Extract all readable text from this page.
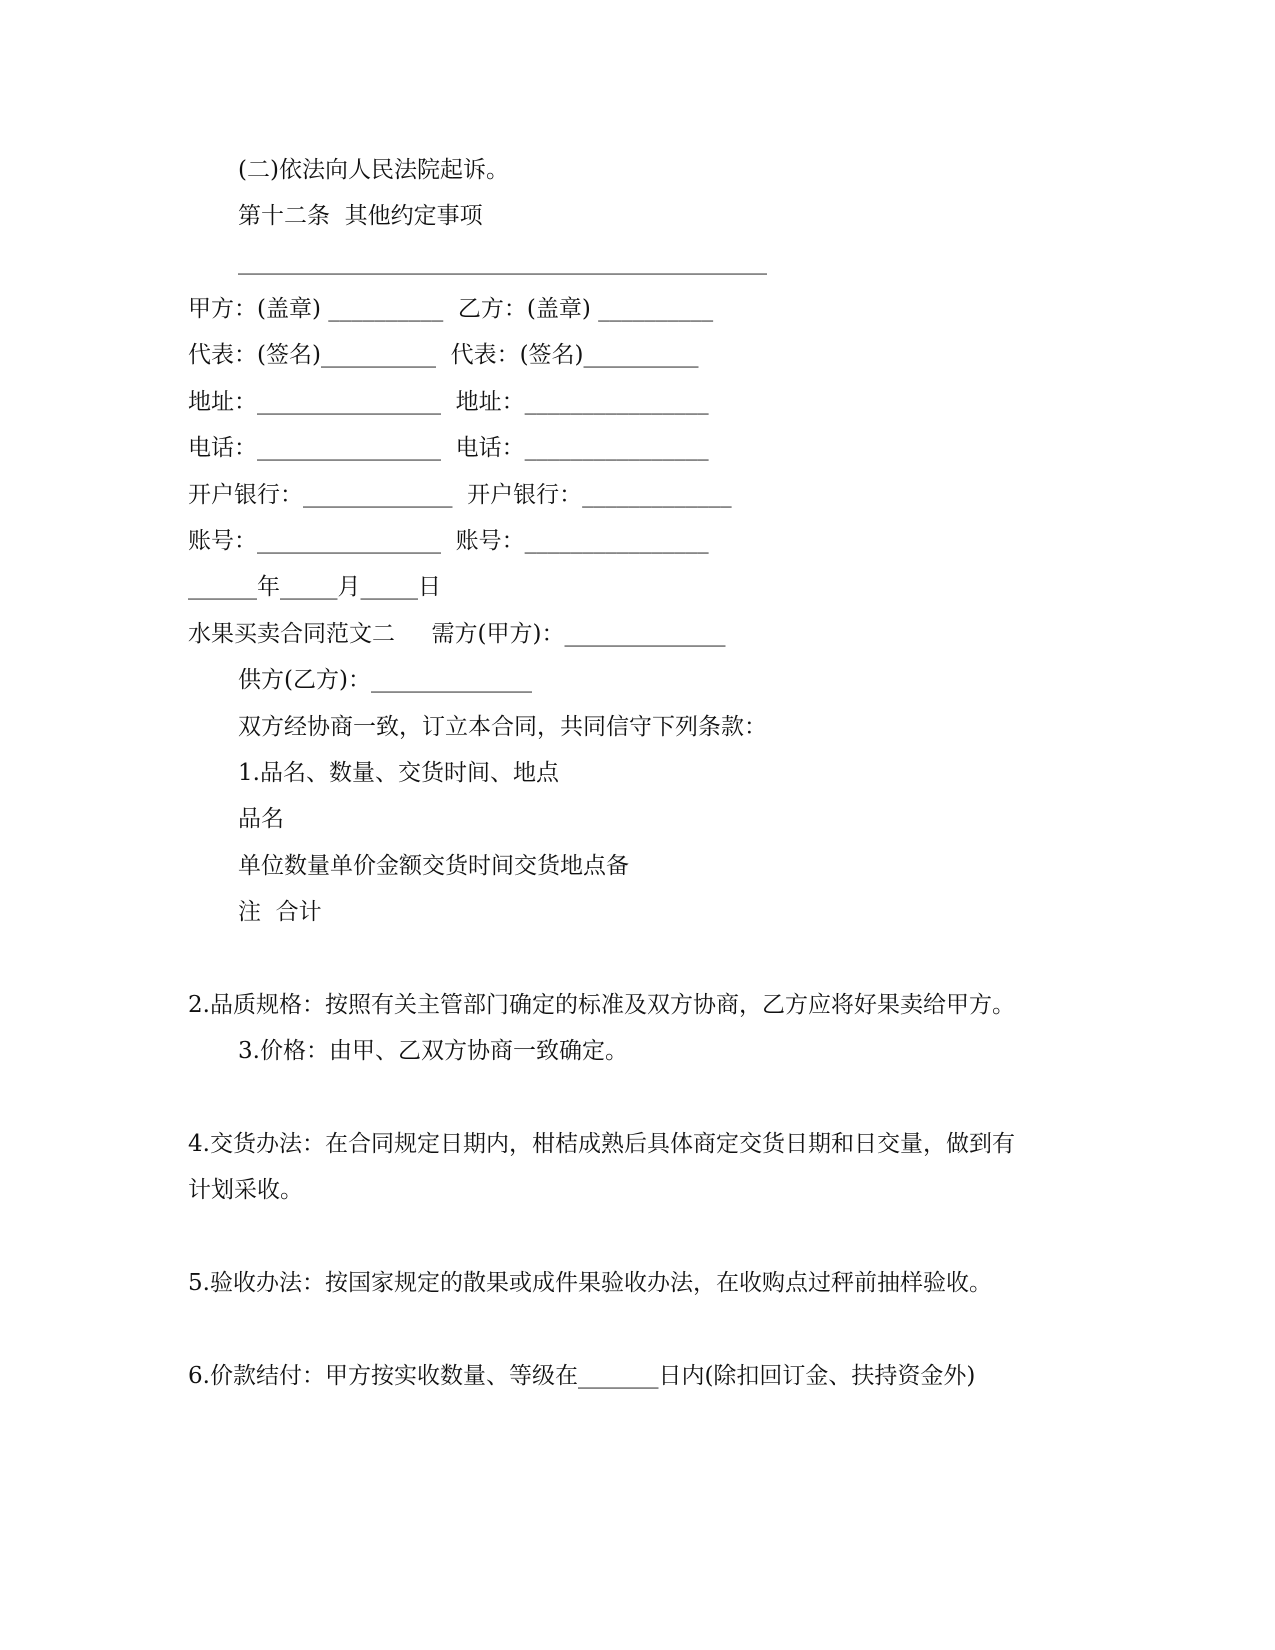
(二)依法向人民法院起诉。

第十二条  其他约定事项

______________________________________________

甲方：(盖章) __________  乙方：(盖章) __________

代表：(签名)__________  代表：(签名)__________

地址：________________  地址：________________

电话：________________  电话：________________

开户银行：_____________  开户银行：_____________

账号：________________  账号：________________

______年_____月_____日

水果买卖合同范文二     需方(甲方)：______________

供方(乙方)：______________

双方经协商一致，订立本合同，共同信守下列条款：

1.品名、数量、交货时间、地点

品名

单位数量单价金额交货时间交货地点备

注  合计

2.品质规格：按照有关主管部门确定的标准及双方协商，乙方应将好果卖给甲方。

3.价格：由甲、乙双方协商一致确定。

4.交货办法：在合同规定日期内，柑桔成熟后具体商定交货日期和日交量，做到有

计划采收。

5.验收办法：按国家规定的散果或成件果验收办法，在收购点过秤前抽样验收。

6.价款结付：甲方按实收数量、等级在_______日内(除扣回订金、扶持资金外)
